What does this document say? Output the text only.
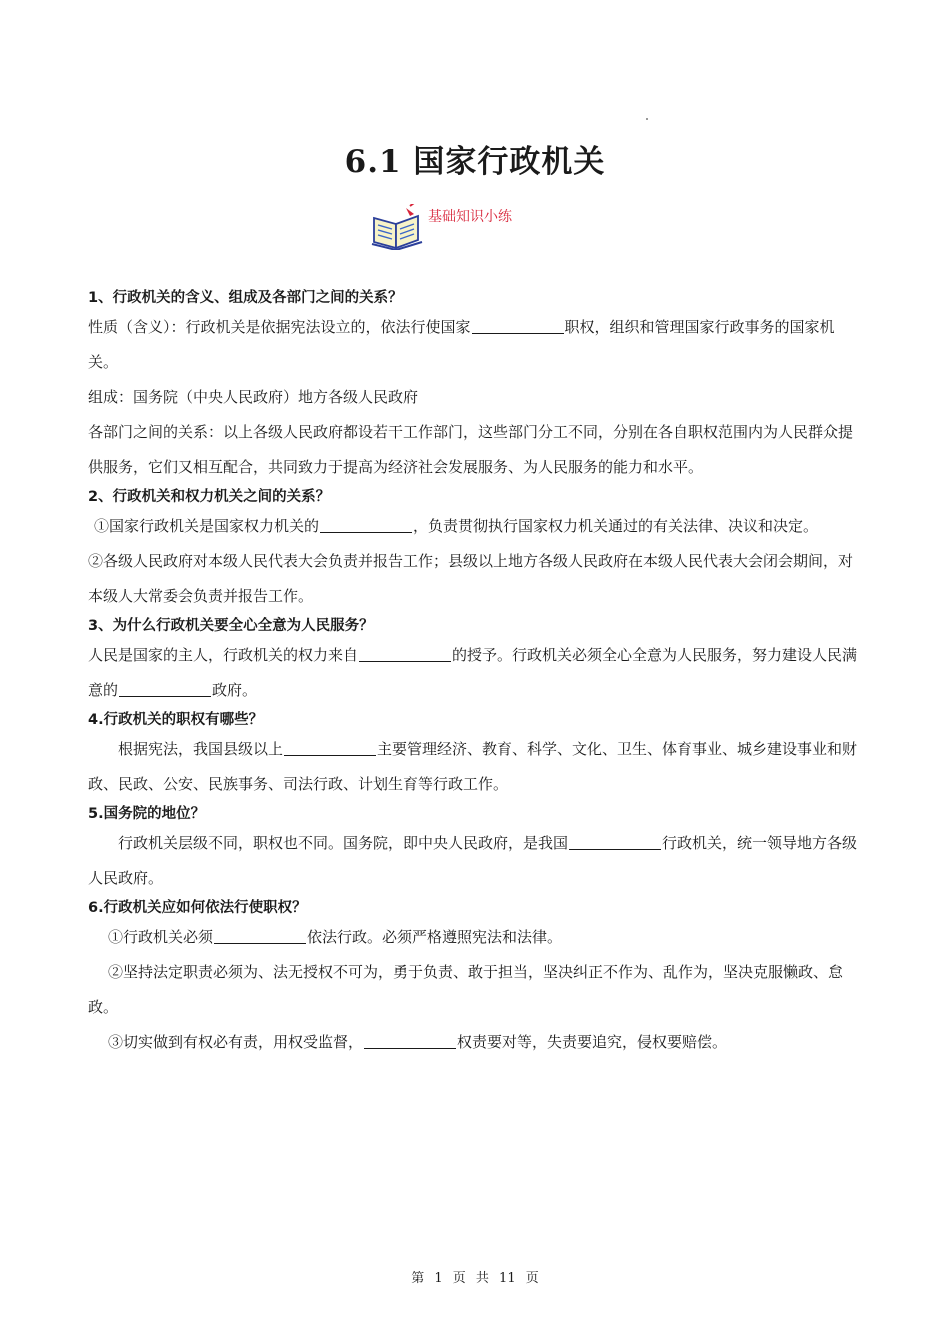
6.1 国家行政机关
基础知识小练
1、行政机关的含义、组成及各部门之间的关系？

性质（含义）：行政机关是依据宪法设立的，依法行使国家	职权，组织和管理国家行政事务的国家机关。

组成：国务院（中央人民政府）地方各级人民政府

各部门之间的关系：以上各级人民政府都设若干工作部门，这些部门分工不同，分别在各自职权范围内为人民群众提供服务，它们又相互配合，共同致力于提高为经济社会发展服务、为人民服务的能力和水平。

2、行政机关和权力机关之间的关系？

①国家行政机关是国家权力机关的	，负责贯彻执行国家权力机关通过的有关法律、决议和决定。

②各级人民政府对本级人民代表大会负责并报告工作；县级以上地方各级人民政府在本级人民代表大会闭会期间，对本级人大常委会负责并报告工作。

3、为什么行政机关要全心全意为人民服务？

人民是国家的主人，行政机关的权力来自	的授予。行政机关必须全心全意为人民服务，努力建设人民满意的	政府。

4.行政机关的职权有哪些？

根据宪法，我国县级以上	主要管理经济、教育、科学、文化、卫生、体育事业、城乡建设事业和财政、民政、公安、民族事务、司法行政、计划生育等行政工作。

5.国务院的地位？

行政机关层级不同，职权也不同。国务院，即中央人民政府，是我国	行政机关，统一领导地方各级人民政府。

6.行政机关应如何依法行使职权？

①行政机关必须	依法行政。必须严格遵照宪法和法律。

②坚持法定职责必须为、法无授权不可为，勇于负责、敢于担当，坚决纠正不作为、乱作为，坚决克服懒政、怠政。

③切实做到有权必有责，用权受监督，	权责要对等，失责要追究，侵权要赔偿。

第 1 页 共 11 页
